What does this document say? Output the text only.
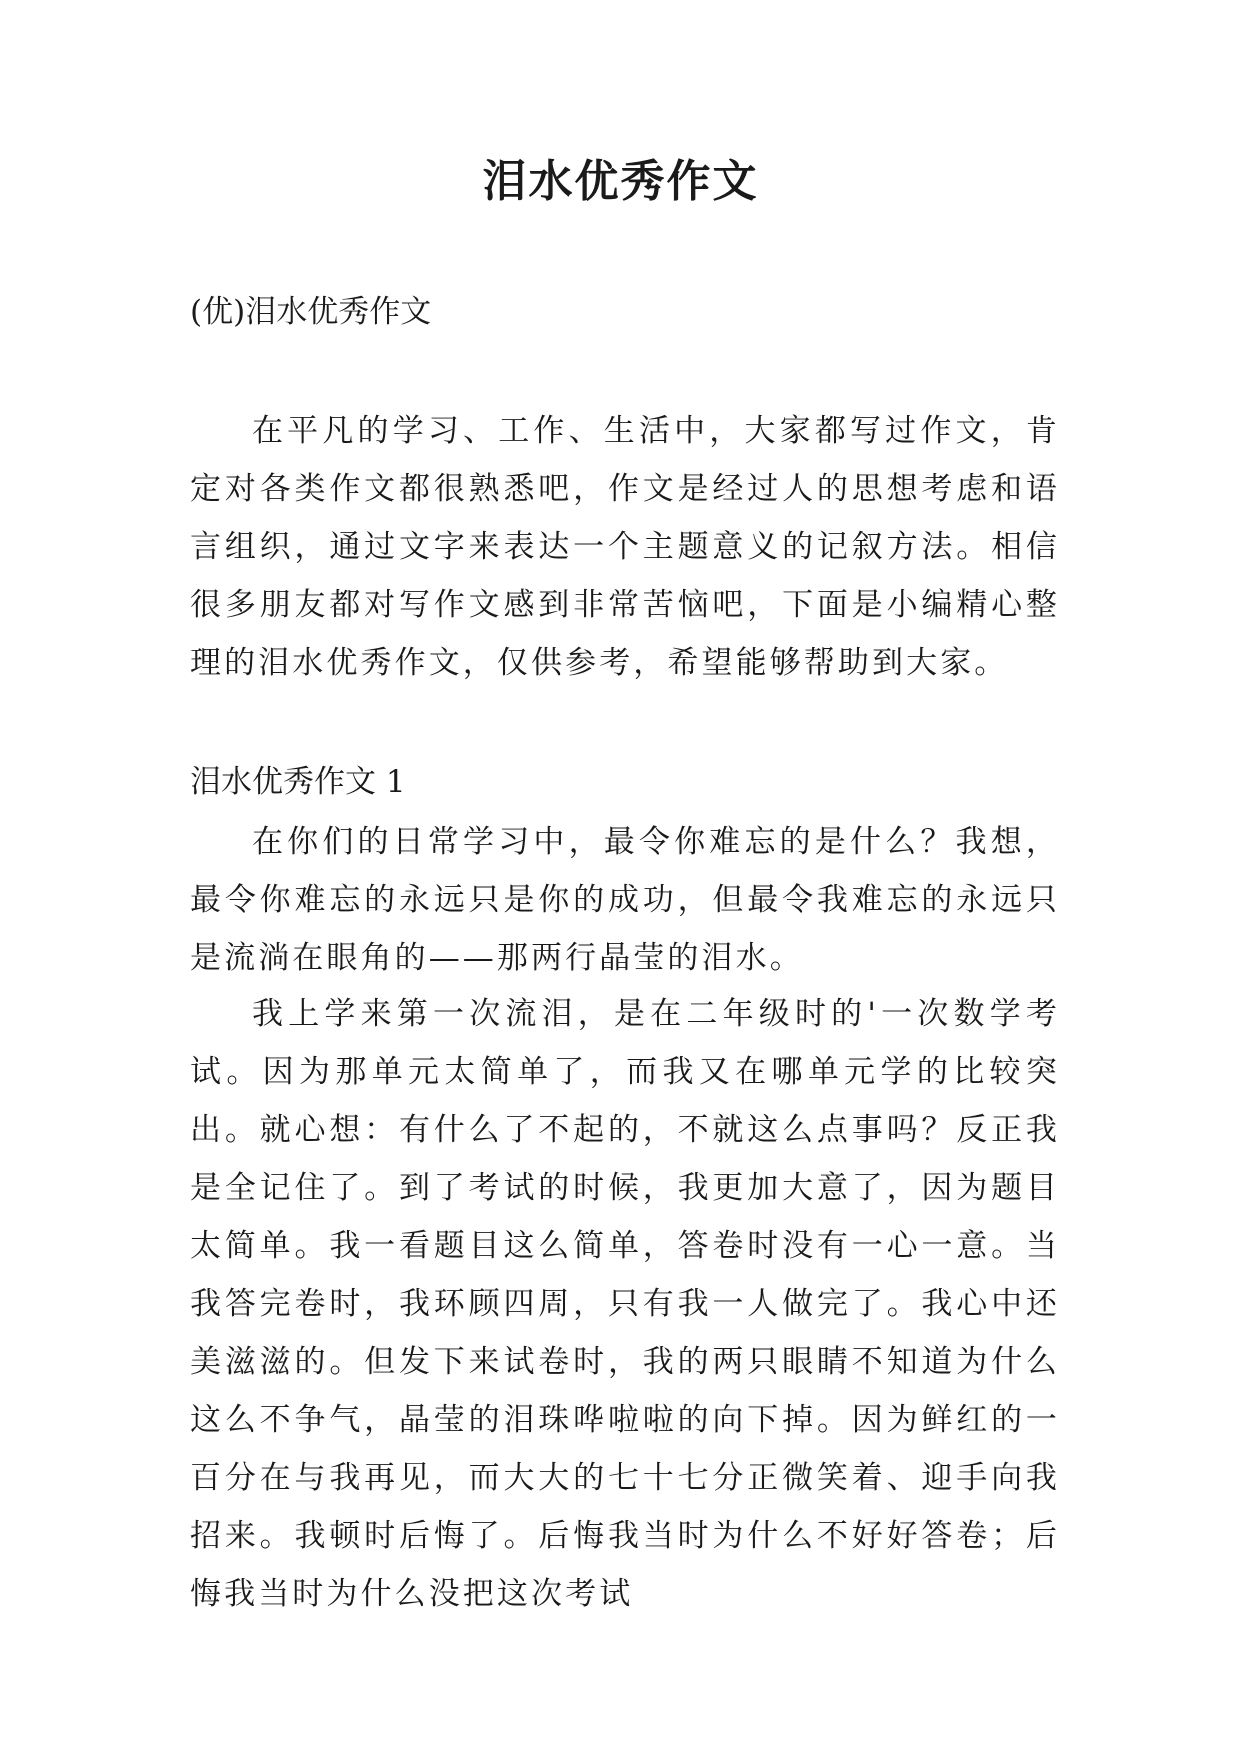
泪水优秀作文
(优)泪水优秀作文

在平凡的学习、工作、生活中，大家都写过作文，肯定对各类作文都很熟悉吧，作文是经过人的思想考虑和语言组织，通过文字来表达一个主题意义的记叙方法。相信很多朋友都对写作文感到非常苦恼吧，下面是小编精心整理的泪水优秀作文，仅供参考，希望能够帮助到大家。

泪水优秀作文 1

在你们的日常学习中，最令你难忘的是什么？我想，最令你难忘的永远只是你的成功，但最令我难忘的永远只是流淌在眼角的——那两行晶莹的泪水。

我上学来第一次流泪，是在二年级时的'一次数学考试。因为那单元太简单了，而我又在哪单元学的比较突出。就心想：有什么了不起的，不就这么点事吗？反正我是全记住了。到了考试的时候，我更加大意了，因为题目太简单。我一看题目这么简单，答卷时没有一心一意。当我答完卷时，我环顾四周，只有我一人做完了。我心中还美滋滋的。但发下来试卷时，我的两只眼睛不知道为什么这么不争气，晶莹的泪珠哗啦啦的向下掉。因为鲜红的一百分在与我再见，而大大的七十七分正微笑着、迎手向我招来。我顿时后悔了。后悔我当时为什么不好好答卷；后悔我当时为什么没把这次考试
